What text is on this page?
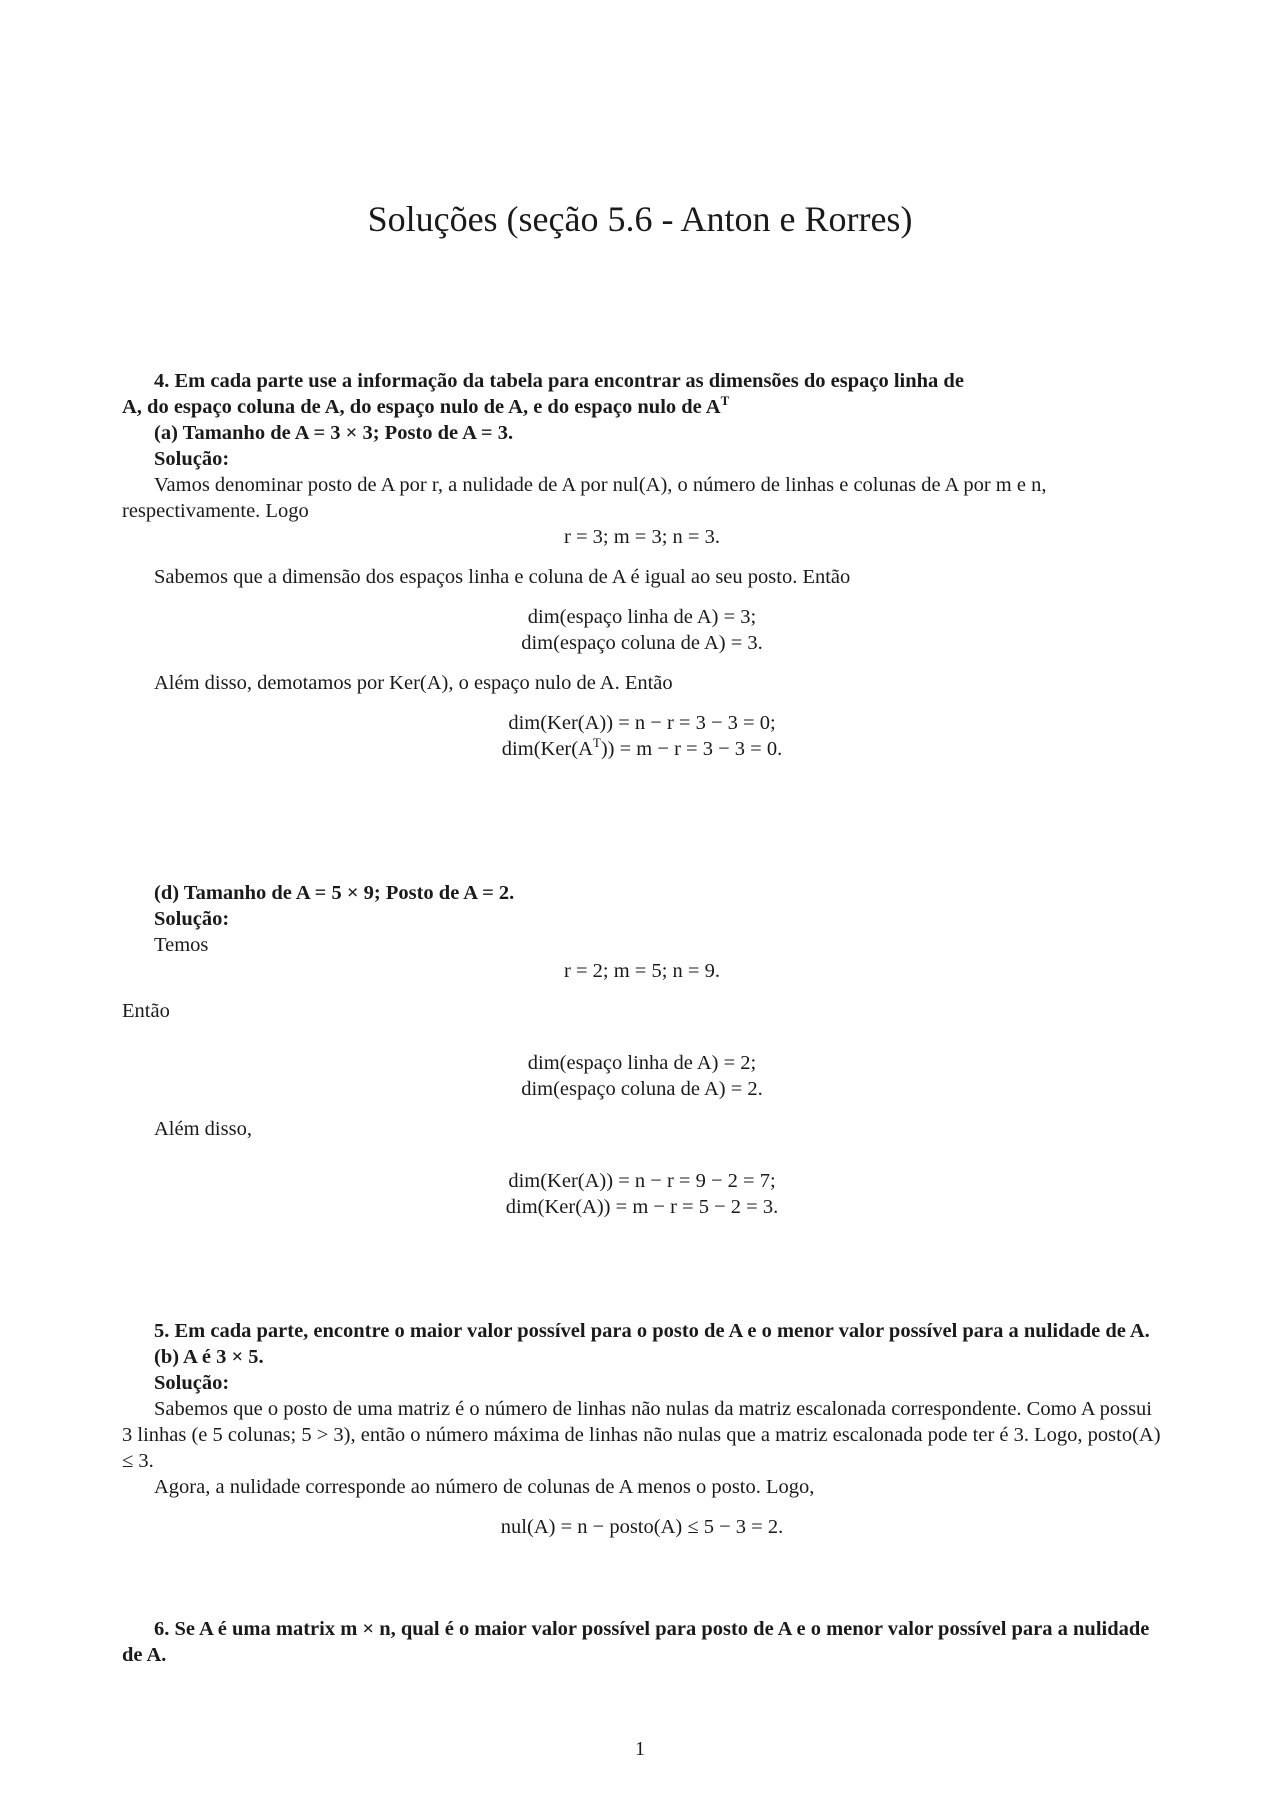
Soluções (seção 5.6 - Anton e Rorres)

4. Em cada parte use a informação da tabela para encontrar as dimensões do espaço linha de

A, do espaço coluna de A, do espaço nulo de A, e do espaço nulo de $A^T$

(a) Tamanho de A = 3 × 3; Posto de A = 3.

Solução:

Vamos denominar posto de A por r, a nulidade de A por nul(A), o número de linhas e colunas de A por m e n, respectivamente. Logo

r = 3; m = 3; n = 3.

Sabemos que a dimensão dos espaços linha e coluna de A é igual ao seu posto. Então

dim(espaço linha de A) = 3;

dim(espaço coluna de A) = 3.

Além disso, demotamos por Ker(A), o espaço nulo de A. Então

dim(Ker(A)) = n − r = 3 − 3 = 0;

$dim(Ker(A^T)) = m - r = 3 - 3 = 0$.

(d) Tamanho de A = 5 × 9; Posto de A = 2.

Solução:

Temos

r = 2; m = 5; n = 9.

Então

dim(espaço linha de A) = 2;

dim(espaço coluna de A) = 2.

Além disso,

dim(Ker(A)) = n − r = 9 − 2 = 7;

dim(Ker(A)) = m − r = 5 − 2 = 3.

5. Em cada parte, encontre o maior valor possível para o posto de A e o menor valor possível para a nulidade de A.

(b) A é 3 × 5.

Solução:

Sabemos que o posto de uma matriz é o número de linhas não nulas da matriz escalonada correspondente. Como A possui 3 linhas (e 5 colunas; 5 > 3), então o número máxima de linhas não nulas que a matriz escalonada pode ter é 3. Logo, posto(A) ≤ 3.

Agora, a nulidade corresponde ao número de colunas de A menos o posto. Logo,

nul(A) = n − posto(A) ≤ 5 − 3 = 2.

6. Se A é uma matrix m × n, qual é o maior valor possível para posto de A e o menor valor possível para a nulidade de A.

1
